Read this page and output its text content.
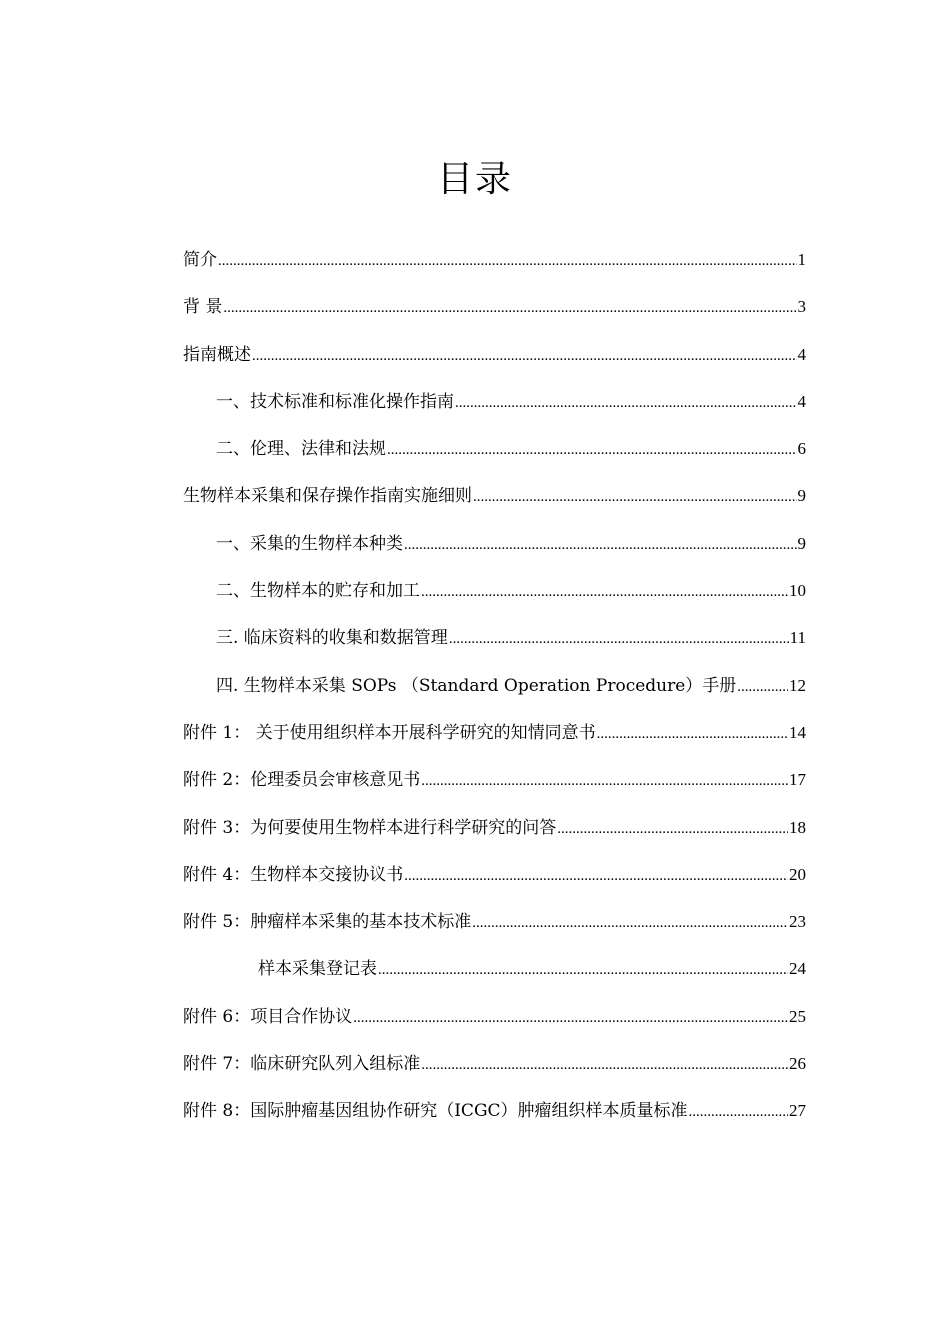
目录
简介 .....	1
背 景 .....	3
指南概述 .....	4
一、技术标准和标准化操作指南 .....	4
二、伦理、法律和法规 .....	6
生物样本采集和保存操作指南实施细则 .....	9
一、采集的生物样本种类 .....	9
二、生物样本的贮存和加工 .....	10
三. 临床资料的收集和数据管理 .....	11
四. 生物样本采集 SOPs （Standard Operation Procedure）手册 .....	12
附件 1： 关于使用组织样本开展科学研究的知情同意书 .....	14
附件 2：伦理委员会审核意见书 .....	17
附件 3：为何要使用生物样本进行科学研究的问答 .....	18
附件 4：生物样本交接协议书 .....	20
附件 5：肿瘤样本采集的基本技术标准 .....	23
样本采集登记表 .....	24
附件 6：项目合作协议 .....	25
附件 7：临床研究队列入组标准 .....	26
附件 8：国际肿瘤基因组协作研究（ICGC）肿瘤组织样本质量标准 .....	27
